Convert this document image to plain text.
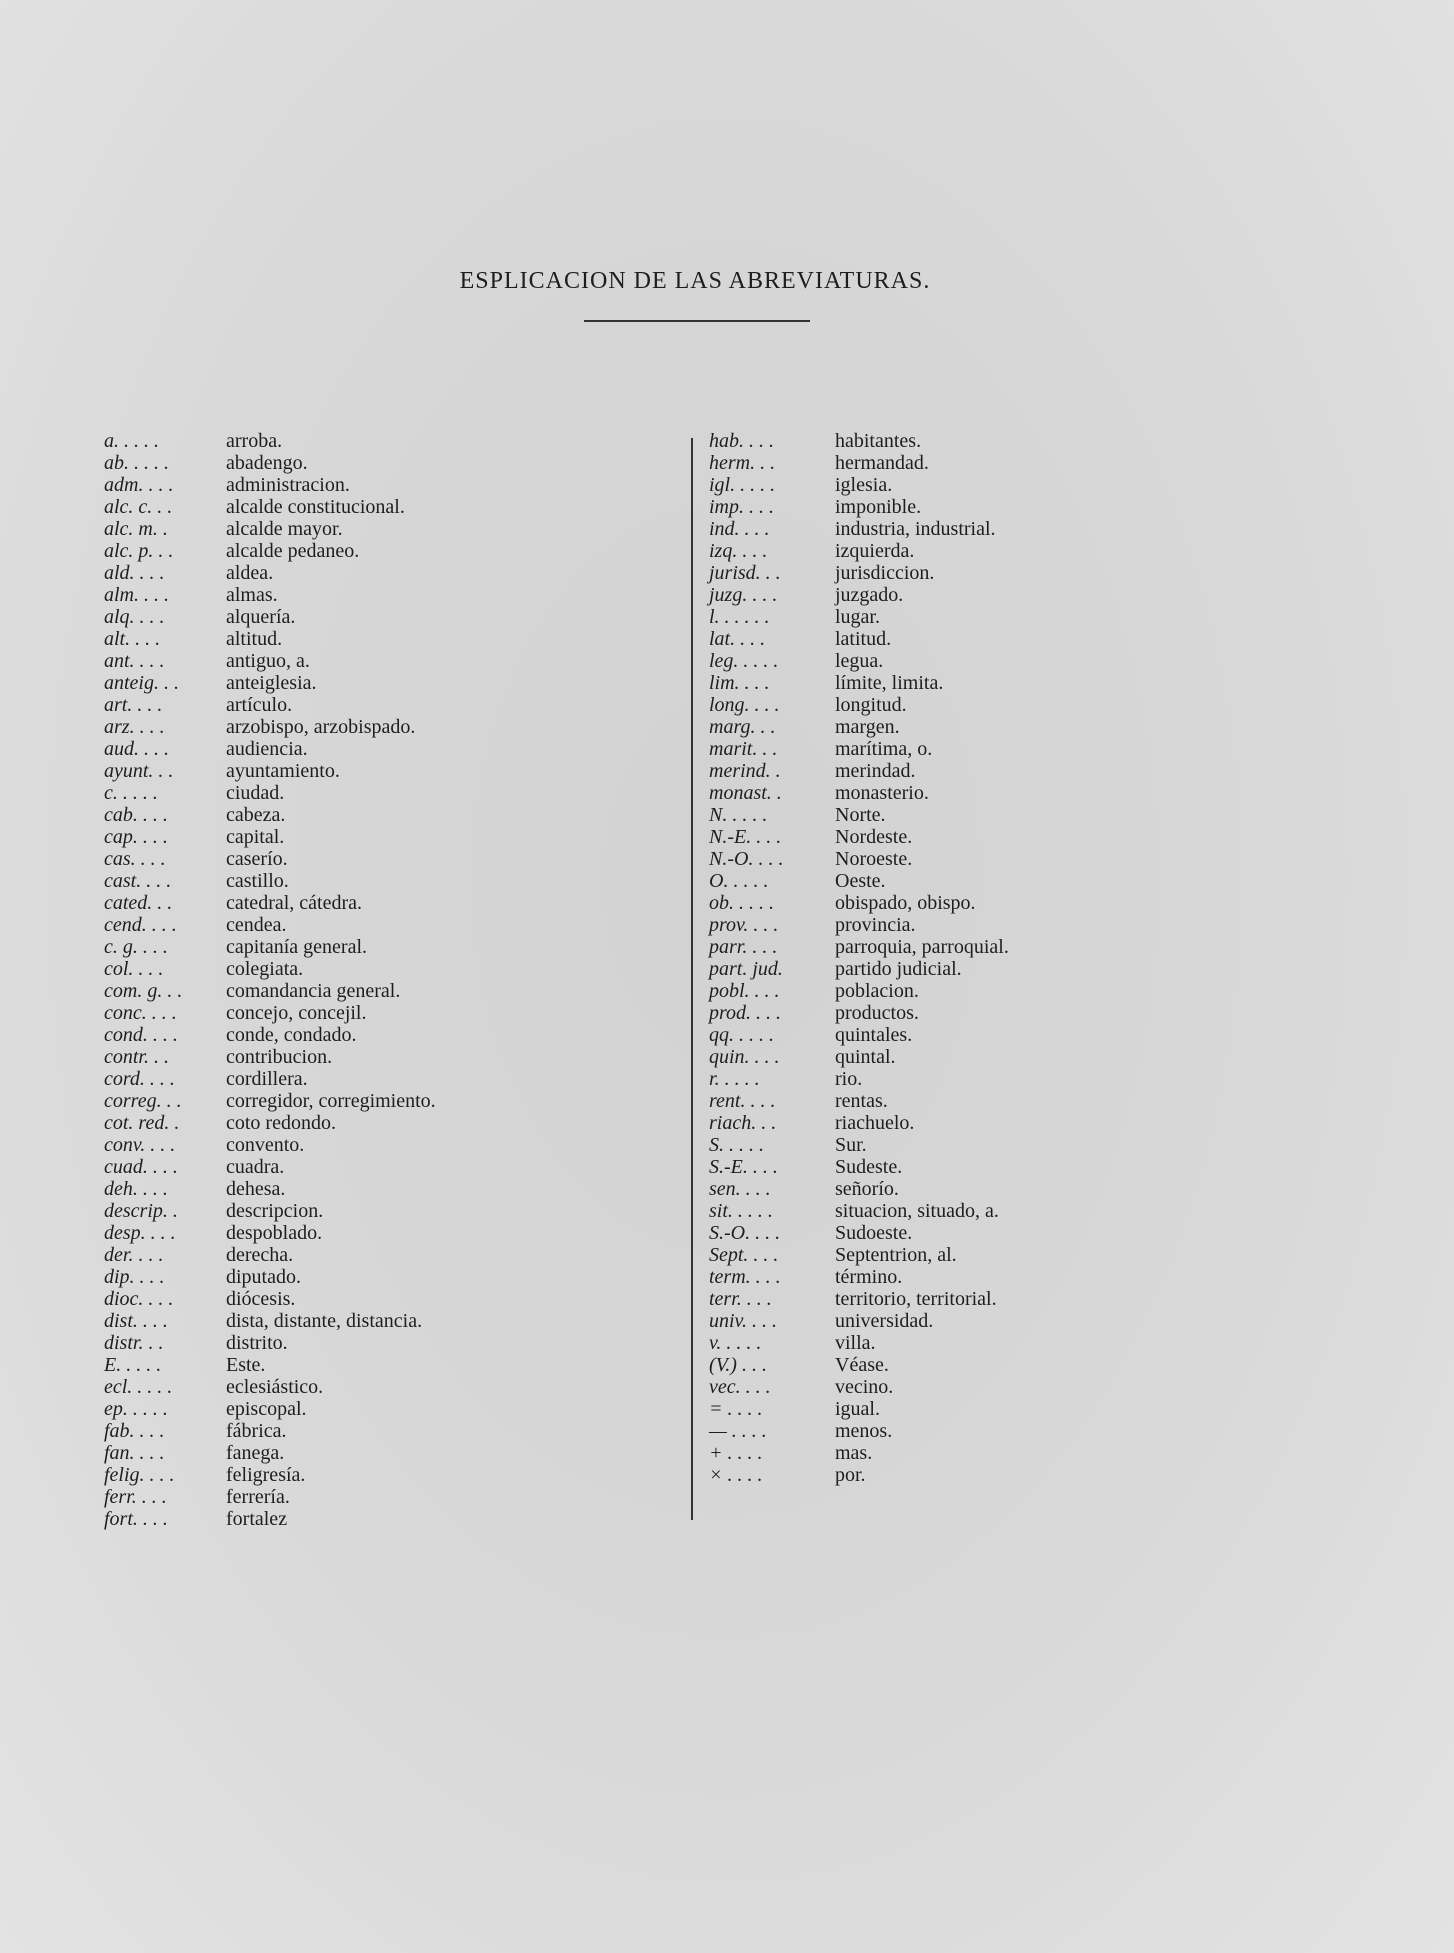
ESPLICACION DE LAS ABREVIATURAS.
a. . . . .	arroba.
ab. . . . .	abadengo.
adm. . . .	administracion.
alc. c. . .	alcalde constitucional.
alc. m. .	alcalde mayor.
alc. p. . .	alcalde pedaneo.
ald. . . .	aldea.
alm. . . .	almas.
alq. . . .	alquería.
alt. . . .	altitud.
ant. . . .	antiguo, a.
anteig. . .	anteiglesia.
art. . . .	artículo.
arz. . . .	arzobispo, arzobispado.
aud. . . .	audiencia.
ayunt. . .	ayuntamiento.
c. . . . .	ciudad.
cab. . . .	cabeza.
cap. . . .	capital.
cas. . . .	caserío.
cast. . . .	castillo.
cated. . .	catedral, cátedra.
cend. . . .	cendea.
c. g. . . .	capitanía general.
col. . . .	colegiata.
com. g. . .	comandancia general.
conc. . . .	concejo, concejil.
cond. . . .	conde, condado.
contr. . .	contribucion.
cord. . . .	cordillera.
correg. . .	corregidor, corregimiento.
cot. red. .	coto redondo.
conv. . . .	convento.
cuad. . . .	cuadra.
deh. . . .	dehesa.
descrip. .	descripcion.
desp. . . .	despoblado.
der. . . .	derecha.
dip. . . .	diputado.
dioc. . . .	diócesis.
dist. . . .	dista, distante, distancia.
distr. . .	distrito.
E. . . . .	Este.
ecl. . . . .	eclesiástico.
ep. . . . .	episcopal.
fab. . . .	fábrica.
fan. . . .	fanega.
felig. . . .	feligresía.
ferr. . . .	ferrería.
fort. . . .	fortalez
hab. . . .	habitantes.
herm. . .	hermandad.
igl. . . . .	iglesia.
imp. . . .	imponible.
ind. . . .	industria, industrial.
izq. . . .	izquierda.
jurisd. . .	jurisdiccion.
juzg. . . .	juzgado.
l. . . . . .	lugar.
lat. . . .	latitud.
leg. . . . .	legua.
lim. . . .	límite, limita.
long. . . .	longitud.
marg. . .	margen.
marit. . .	marítima, o.
merind. .	merindad.
monast. .	monasterio.
N. . . . .	Norte.
N.-E. . . .	Nordeste.
N.-O. . . .	Noroeste.
O. . . . .	Oeste.
ob. . . . .	obispado, obispo.
prov. . . .	provincia.
parr. . . .	parroquia, parroquial.
part. jud.	partido judicial.
pobl. . . .	poblacion.
prod. . . .	productos.
qq. . . . .	quintales.
quin. . . .	quintal.
r. . . . .	rio.
rent. . . .	rentas.
riach. . .	riachuelo.
S. . . . .	Sur.
S.-E. . . .	Sudeste.
sen. . . .	señorío.
sit. . . . .	situacion, situado, a.
S.-O. . . .	Sudoeste.
Sept. . . .	Septentrion, al.
term. . . .	término.
terr. . . .	territorio, territorial.
univ. . . .	universidad.
v. . . . .	villa.
(V.) . . .	Véase.
vec. . . .	vecino.
= . . . .	igual.
— . . . .	menos.
+ . . . .	mas.
× . . . .	por.
